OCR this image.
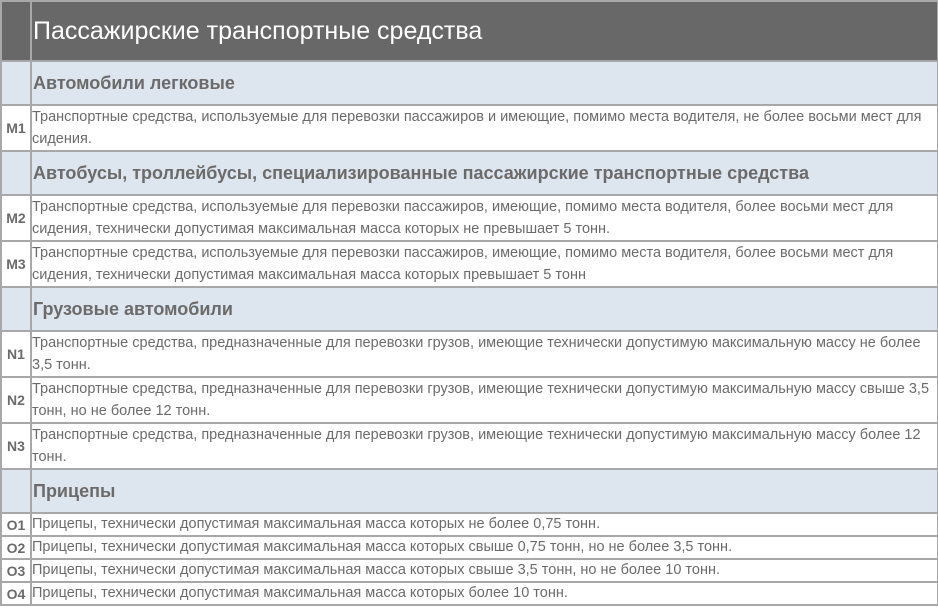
	Пассажирские транспортные средства

	Автомобили легковые

M1	Транспортные средства, используемые для перевозки пассажиров и имеющие, помимо места водителя, не более восьми мест для сидения.

	Автобусы, троллейбусы, специализированные пассажирские транспортные средства

M2	Транспортные средства, используемые для перевозки пассажиров, имеющие, помимо места водителя, более восьми мест для сидения, технически допустимая максимальная масса которых не превышает 5 тонн.
M3	Транспортные средства, используемые для перевозки пассажиров, имеющие, помимо места водителя, более восьми мест для сидения, технически допустимая максимальная масса которых превышает 5 тонн

	Грузовые автомобили

N1	Транспортные средства, предназначенные для перевозки грузов, имеющие технически допустимую максимальную массу не более 3,5 тонн.
N2	Транспортные средства, предназначенные для перевозки грузов, имеющие технически допустимую максимальную массу свыше 3,5 тонн, но не более 12 тонн.
N3	Транспортные средства, предназначенные для перевозки грузов, имеющие технически допустимую максимальную массу более 12 тонн.

	Прицепы

O1	Прицепы, технически допустимая максимальная масса которых не более 0,75 тонн.
O2	Прицепы, технически допустимая максимальная масса которых свыше 0,75 тонн, но не более 3,5 тонн.
O3	Прицепы, технически допустимая максимальная масса которых свыше 3,5 тонн, но не более 10 тонн.
O4	Прицепы, технически допустимая максимальная масса которых более 10 тонн.
